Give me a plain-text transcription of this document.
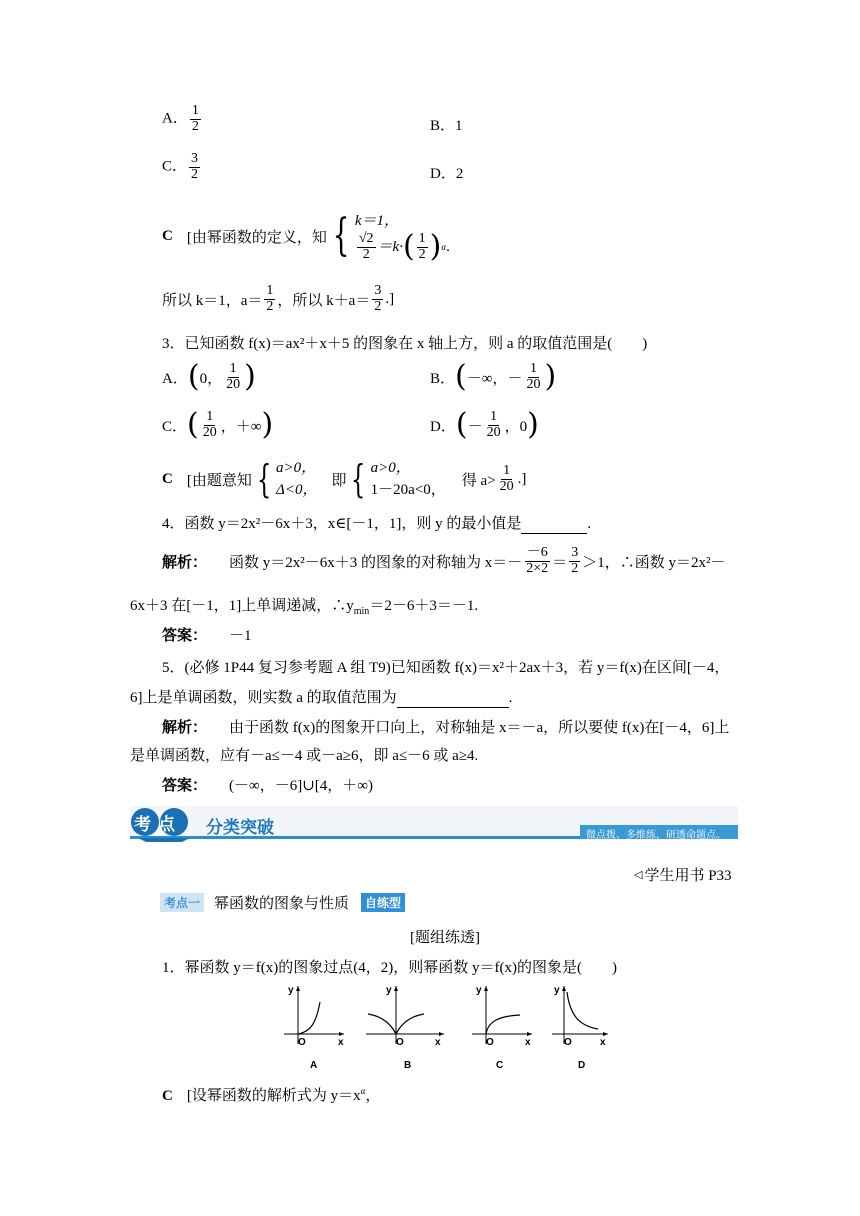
A． $\frac{1}{2}$	B．1
C． $\frac{3}{2}$	D．2
C [由幂函数的定义，知 { k＝1，
$\frac{√2}{2} =k\cdot$ ( $\frac{1}{2}$ ) α .
所以 k＝1，$a= \frac{1}{2}$ ，所以 $k+a= \frac{3}{2}$ .]
3．已知函数 f(x)＝ax²＋x＋5 的图象在 x 轴上方，则 a 的取值范围是(　　)
A． ( 0， $\frac{1}{20}$ )	B． ( －∞，－ $\frac{1}{20}$ )
C． ( $\frac{1}{20}$ ，＋∞ )	D． ( － $\frac{1}{20}$ ，0 )
C [由题意知 { a>0，
Δ<0，
即 { a>0，
1－20a<0，
得 $a> \frac{1}{20}$ .]
4．函数 y＝2x²－6x＋3，x∈[－1，1]，则 y 的最小值是	.
解析： 函数 y＝2x²－6x＋3 的图象的对称轴为 $x=- \frac{-6}{2\times 2} = \frac{3}{2} >1$，∴函数 y＝2x²－
6x＋3 在[－1，1]上单调递减，$\therefore y_{min}=2-6+3=-1$.
答案： －1
5．(必修 1P44 复习参考题 A 组 T9)已知函数 f(x)＝x²＋2ax＋3，若 y＝f(x)在区间[－4，
6]上是单调函数，则实数 a 的取值范围为	.
解析： 由于函数 f(x)的图象开口向上，对称轴是 x＝－a，所以要使 f(x)在[－4，6]上
是单调函数，应有－a≤－4 或－a≥6，即 a≤－6 或 a≥4.
答案： (－∞，－6]∪[4，＋∞)
考点 分类突破	微点拨、多维练，研透命题点。
◁ 学生用书 P33
考点一 幂函数的图象与性质	自练型
[题组练透]
1．幂函数 y＝f(x)的图象过点(4，2)，则幂函数 y＝f(x)的图象是(　　)
y
x
O
A
y
x
O
B
y
x
O
C
y
x
O
D
C [设幂函数的解析式为 $y=x^\alpha$，
